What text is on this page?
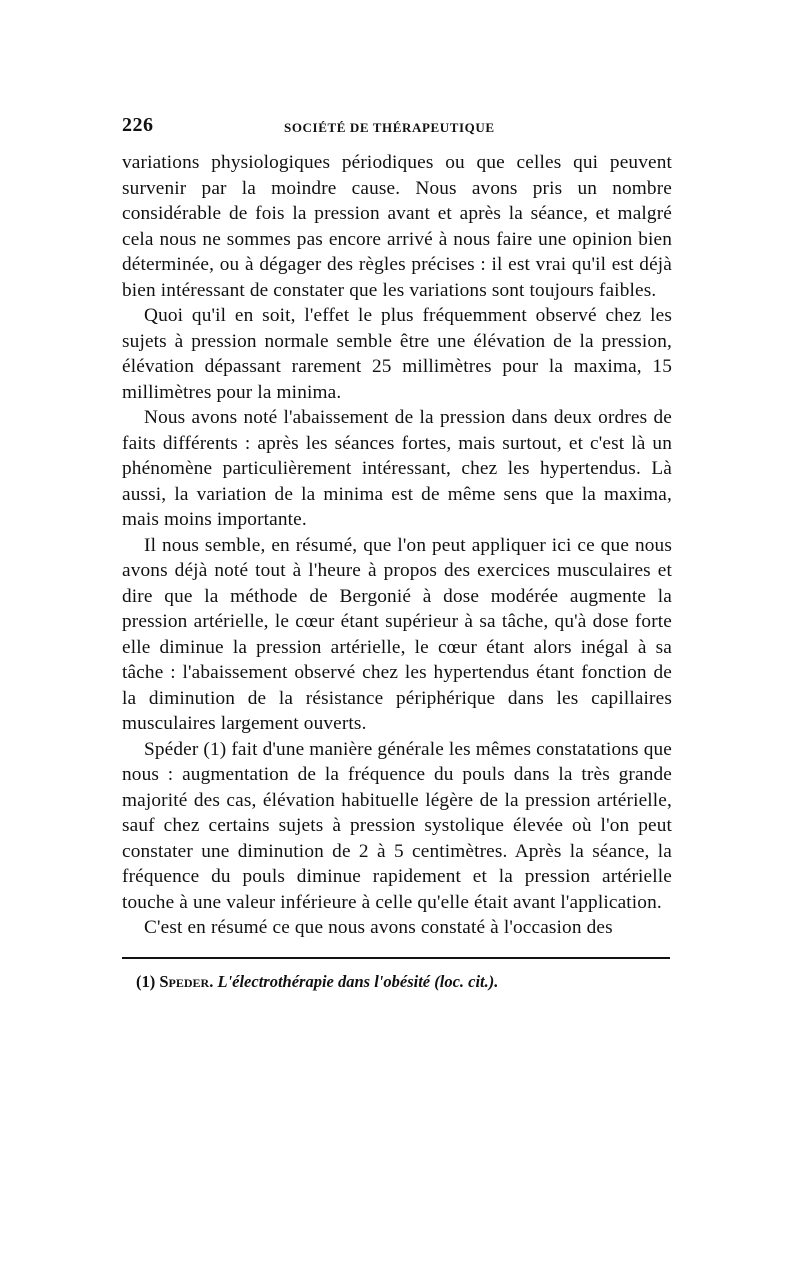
226	SOCIÉTÉ DE THÉRAPEUTIQUE

variations physiologiques périodiques ou que celles qui peuvent survenir par la moindre cause. Nous avons pris un nombre considérable de fois la pression avant et après la séance, et malgré cela nous ne sommes pas encore arrivé à nous faire une opinion bien déterminée, ou à dégager des règles précises : il est vrai qu'il est déjà bien intéressant de constater que les variations sont toujours faibles.

Quoi qu'il en soit, l'effet le plus fréquemment observé chez les sujets à pression normale semble être une élévation de la pression, élévation dépassant rarement 25 millimètres pour la maxima, 15 millimètres pour la minima.

Nous avons noté l'abaissement de la pression dans deux ordres de faits différents : après les séances fortes, mais surtout, et c'est là un phénomène particulièrement intéressant, chez les hypertendus. Là aussi, la variation de la minima est de même sens que la maxima, mais moins importante.

Il nous semble, en résumé, que l'on peut appliquer ici ce que nous avons déjà noté tout à l'heure à propos des exercices musculaires et dire que la méthode de Bergonié à dose modérée augmente la pression artérielle, le cœur étant supérieur à sa tâche, qu'à dose forte elle diminue la pression artérielle, le cœur étant alors inégal à sa tâche : l'abaissement observé chez les hypertendus étant fonction de la diminution de la résistance périphérique dans les capillaires musculaires largement ouverts.

Spéder (1) fait d'une manière générale les mêmes constatations que nous : augmentation de la fréquence du pouls dans la très grande majorité des cas, élévation habituelle légère de la pression artérielle, sauf chez certains sujets à pression systolique élevée où l'on peut constater une diminution de 2 à 5 centimètres. Après la séance, la fréquence du pouls diminue rapidement et la pression artérielle touche à une valeur inférieure à celle qu'elle était avant l'application.

C'est en résumé ce que nous avons constaté à l'occasion des

(1) Speder. L'électrothérapie dans l'obésité (loc. cit.).
